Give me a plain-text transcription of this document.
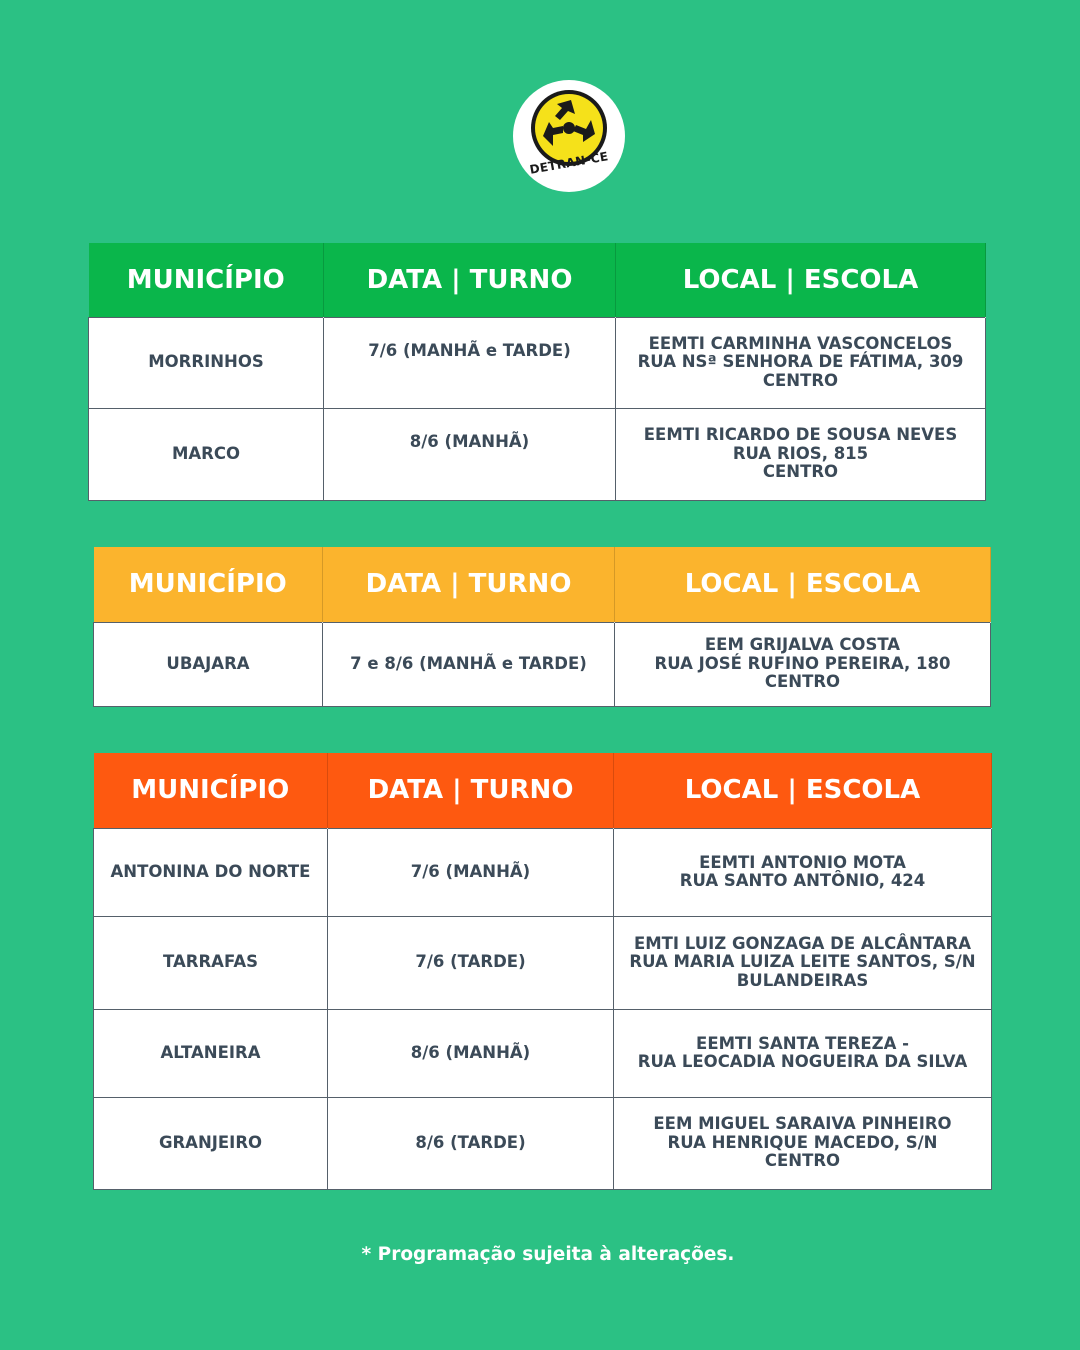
DETRAN-CE
MUNICÍPIO	DATA | TURNO	LOCAL | ESCOLA
MORRINHOS	7/6 (MANHÃ e TARDE)	EEMTI CARMINHA VASCONCELOS
RUA NSª SENHORA DE FÁTIMA, 309
CENTRO
MARCO	8/6 (MANHÃ)	EEMTI RICARDO DE SOUSA NEVES
RUA RIOS, 815
CENTRO
MUNICÍPIO	DATA | TURNO	LOCAL | ESCOLA
UBAJARA	7 e 8/6 (MANHÃ e TARDE)	EEM GRIJALVA COSTA
RUA JOSÉ RUFINO PEREIRA, 180
CENTRO
MUNICÍPIO	DATA | TURNO	LOCAL | ESCOLA
ANTONINA DO NORTE	7/6 (MANHÃ)	EEMTI ANTONIO MOTA
RUA SANTO ANTÔNIO, 424
TARRAFAS	7/6 (TARDE)	EMTI LUIZ GONZAGA DE ALCÂNTARA
RUA MARIA LUIZA LEITE SANTOS, S/N
BULANDEIRAS
ALTANEIRA	8/6 (MANHÃ)	EEMTI SANTA TEREZA -
RUA LEOCADIA NOGUEIRA DA SILVA
GRANJEIRO	8/6 (TARDE)	EEM MIGUEL SARAIVA PINHEIRO
RUA HENRIQUE MACEDO, S/N
CENTRO
* Programação sujeita à alterações.
